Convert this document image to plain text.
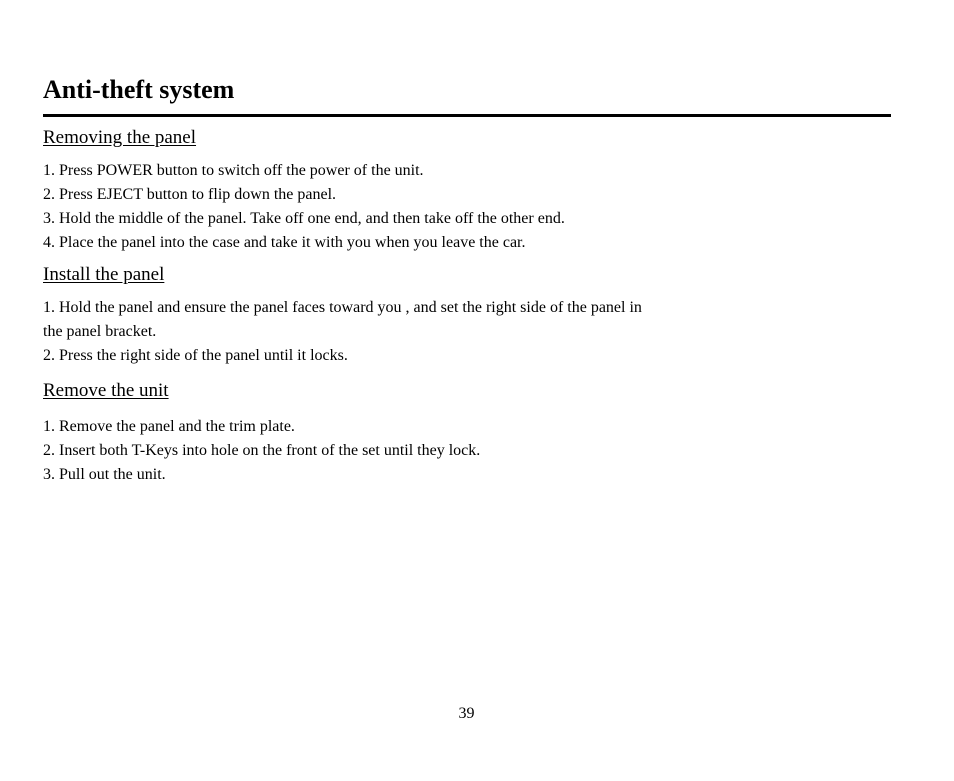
Anti-theft system
Removing the panel
1. Press POWER button to switch off the power of the unit.
2. Press EJECT button to flip down the panel.
3. Hold the middle of the panel. Take off one end, and then take off the other end.
4. Place the panel into the case and take it with you when you leave the car.
Install the panel
1. Hold the panel and ensure the panel faces toward you , and set the right side of the panel in the panel bracket.
2. Press the right side of the panel until it locks.
Remove the unit
1. Remove the panel and the trim plate.
2. Insert both T-Keys into hole on the front of the set until they lock.
3. Pull out the unit.
39
